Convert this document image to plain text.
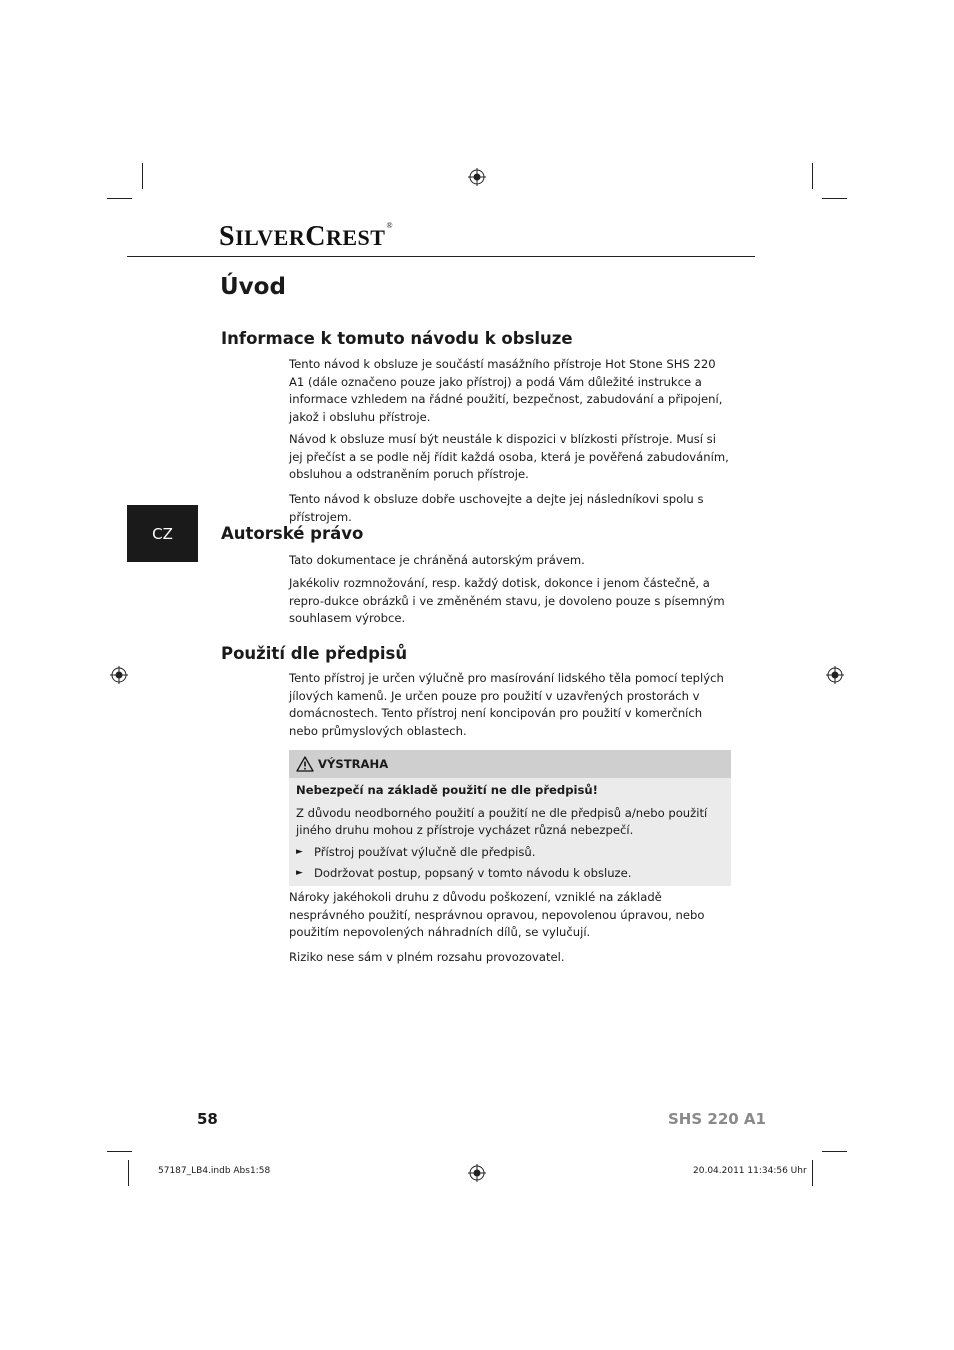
SILVERCREST®
Úvod
Informace k tomuto návodu k obsluze

Tento návod k obsluze je součástí masážního přístroje Hot Stone SHS 220 A1 (dále označeno pouze jako přístroj) a podá Vám důležité instrukce a informace vzhledem na řádné použití, bezpečnost, zabudování a připojení, jakož i obsluhu přístroje.

Návod k obsluze musí být neustále k dispozici v blízkosti přístroje. Musí si jej přečíst a se podle něj řídit každá osoba, která je pověřená zabudováním, obsluhou a odstraněním poruch přístroje.

Tento návod k obsluze dobře uschovejte a dejte jej následníkovi spolu s přístrojem.

CZ	Autorské právo

Tato dokumentace je chráněná autorským právem.

Jakékoliv rozmnožování, resp. každý dotisk, dokonce i jenom částečně, a repro-dukce obrázků i ve změněném stavu, je dovoleno pouze s písemným souhlasem výrobce.

Použití dle předpisů

Tento přístroj je určen výlučně pro masírování lidského těla pomocí teplých jílových kamenů. Je určen pouze pro použití v uzavřených prostorách v domácnostech. Tento přístroj není koncipován pro použití v komerčních nebo průmyslových oblastech.

VÝSTRAHA

Nebezpečí na základě použití ne dle předpisů!

Z důvodu neodborného použití a použití ne dle předpisů a/nebo použití jiného druhu mohou z přístroje vycházet různá nebezpečí.

► Přístroj používat výlučně dle předpisů.
► Dodržovat postup, popsaný v tomto návodu k obsluze.

Nároky jakéhokoli druhu z důvodu poškození, vzniklé na základě nesprávného použití, nesprávnou opravou, nepovolenou úpravou, nebo použitím nepovolených náhradních dílů, se vylučují.

Riziko nese sám v plném rozsahu provozovatel.

58	SHS 220 A1
57187_LB4.indb Abs1:58	20.04.2011 11:34:56 Uhr
